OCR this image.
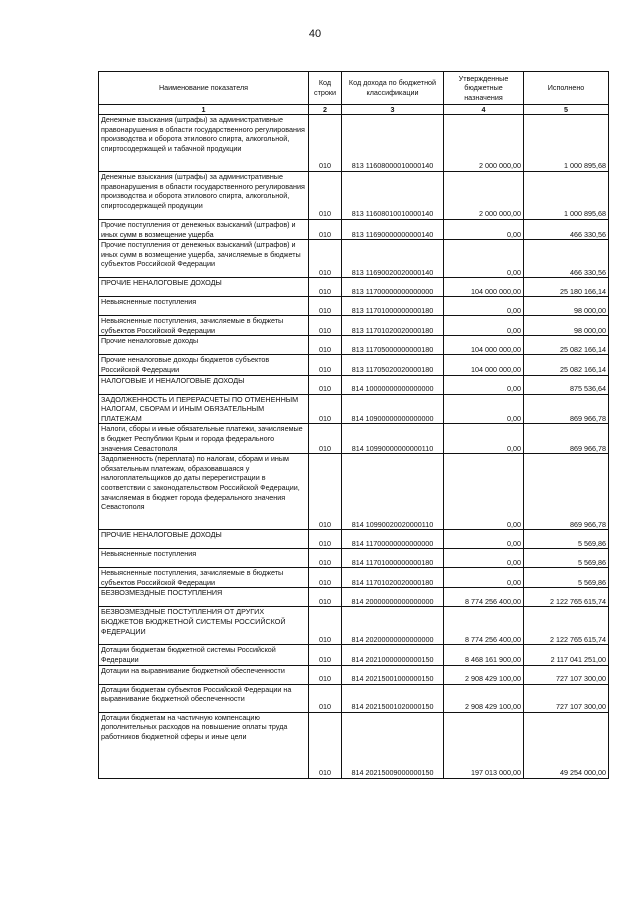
40
Наименование показателя	Код строки	Код дохода по бюджетной классификации	Утвержденные бюджетные назначения	Исполнено
1	2	3	4	5
Денежные взыскания (штрафы) за административные правонарушения в области государственного регулирования производства и оборота этилового спирта, алкогольной, спиртосодержащей и табачной продукции	010	813 11608000010000140	2 000 000,00	1 000 895,68
Денежные взыскания (штрафы) за административные правонарушения в области государственного регулирования производства и оборота этилового спирта, алкогольной, спиртосодержащей продукции	010	813 11608010010000140	2 000 000,00	1 000 895,68
Прочие поступления от денежных взысканий (штрафов) и иных сумм в возмещение ущерба	010	813 11690000000000140	0,00	466 330,56
Прочие поступления от денежных взысканий (штрафов) и иных сумм в возмещение ущерба, зачисляемые в бюджеты субъектов Российской Федерации	010	813 11690020020000140	0,00	466 330,56
ПРОЧИЕ НЕНАЛОГОВЫЕ ДОХОДЫ	010	813 11700000000000000	104 000 000,00	25 180 166,14
Невыясненные поступления	010	813 11701000000000180	0,00	98 000,00
Невыясненные поступления, зачисляемые в бюджеты субъектов Российской Федерации	010	813 11701020020000180	0,00	98 000,00
Прочие неналоговые доходы	010	813 11705000000000180	104 000 000,00	25 082 166,14
Прочие неналоговые доходы бюджетов субъектов Российской Федерации	010	813 11705020020000180	104 000 000,00	25 082 166,14
НАЛОГОВЫЕ И НЕНАЛОГОВЫЕ ДОХОДЫ	010	814 10000000000000000	0,00	875 536,64
ЗАДОЛЖЕННОСТЬ И ПЕРЕРАСЧЕТЫ ПО ОТМЕНЕННЫМ НАЛОГАМ, СБОРАМ И ИНЫМ ОБЯЗАТЕЛЬНЫМ ПЛАТЕЖАМ	010	814 10900000000000000	0,00	869 966,78
Налоги, сборы и иные обязательные платежи, зачисляемые в бюджет Республики Крым и города федерального значения Севастополя	010	814 10990000000000110	0,00	869 966,78
Задолженность (переплата) по налогам, сборам и иным обязательным платежам, образовавшаяся у налогоплательщиков до даты перерегистрации в соответствии с законодательством Российской Федерации, зачисляемая в бюджет города федерального значения Севастополя	010	814 10990020020000110	0,00	869 966,78
ПРОЧИЕ НЕНАЛОГОВЫЕ ДОХОДЫ	010	814 11700000000000000	0,00	5 569,86
Невыясненные поступления	010	814 11701000000000180	0,00	5 569,86
Невыясненные поступления, зачисляемые в бюджеты субъектов Российской Федерации	010	814 11701020020000180	0,00	5 569,86
БЕЗВОЗМЕЗДНЫЕ ПОСТУПЛЕНИЯ	010	814 20000000000000000	8 774 256 400,00	2 122 765 615,74
БЕЗВОЗМЕЗДНЫЕ ПОСТУПЛЕНИЯ ОТ ДРУГИХ БЮДЖЕТОВ БЮДЖЕТНОЙ СИСТЕМЫ РОССИЙСКОЙ ФЕДЕРАЦИИ	010	814 20200000000000000	8 774 256 400,00	2 122 765 615,74
Дотации бюджетам бюджетной системы Российской Федерации	010	814 20210000000000150	8 468 161 900,00	2 117 041 251,00
Дотации на выравнивание бюджетной обеспеченности	010	814 20215001000000150	2 908 429 100,00	727 107 300,00
Дотации бюджетам субъектов Российской Федерации на выравнивание бюджетной обеспеченности	010	814 20215001020000150	2 908 429 100,00	727 107 300,00
Дотации бюджетам на частичную компенсацию дополнительных расходов на повышение оплаты труда работников бюджетной сферы и иные цели	010	814 20215009000000150	197 013 000,00	49 254 000,00
